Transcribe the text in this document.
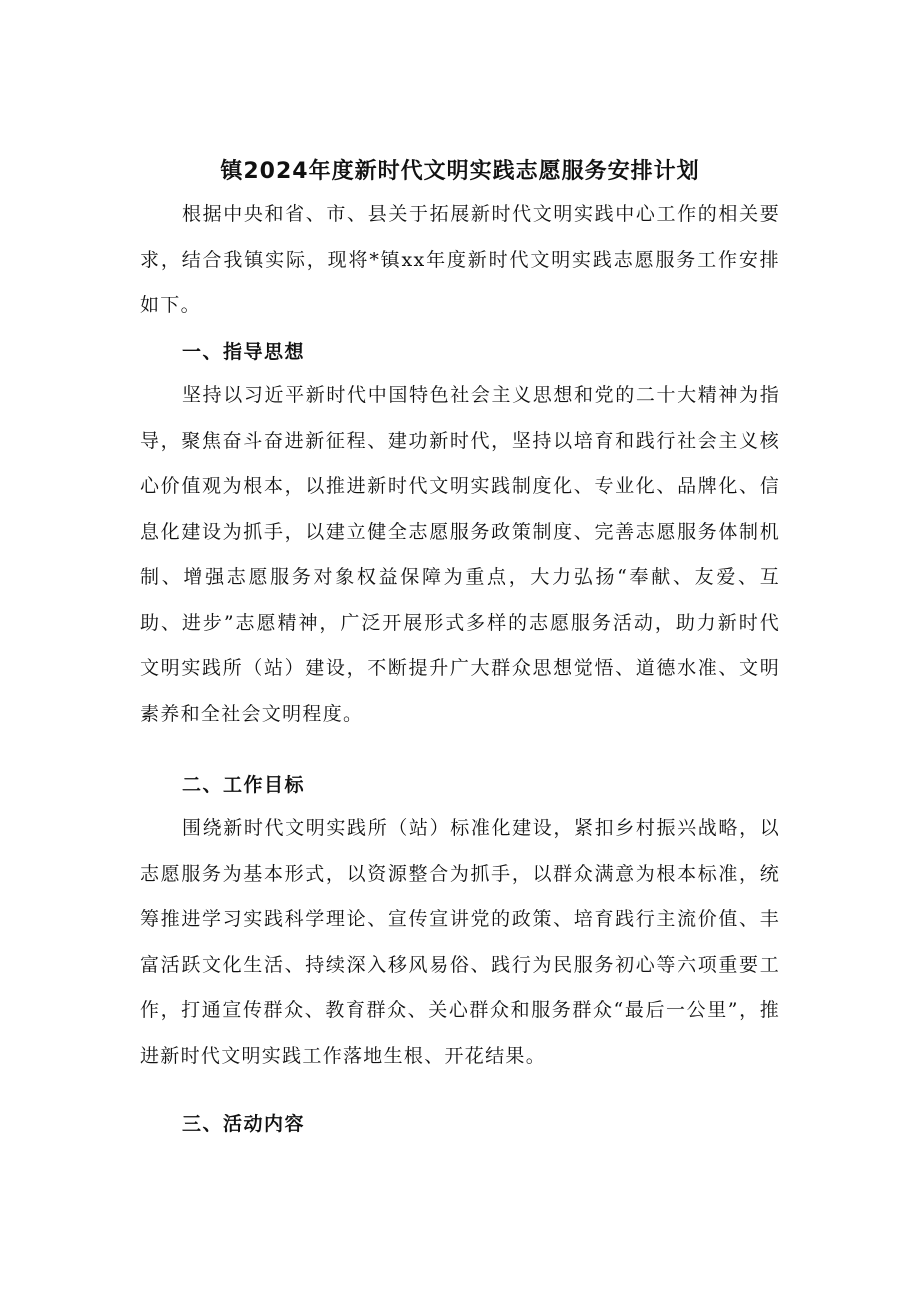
镇2024年度新时代文明实践志愿服务安排计划

根据中央和省、市、县关于拓展新时代文明实践中心工作的相关要求，结合我镇实际，现将*镇xx年度新时代文明实践志愿服务工作安排如下。

一、指导思想

坚持以习近平新时代中国特色社会主义思想和党的二十大精神为指导，聚焦奋斗奋进新征程、建功新时代，坚持以培育和践行社会主义核心价值观为根本，以推进新时代文明实践制度化、专业化、品牌化、信息化建设为抓手，以建立健全志愿服务政策制度、完善志愿服务体制机制、增强志愿服务对象权益保障为重点，大力弘扬“奉献、友爱、互助、进步”志愿精神，广泛开展形式多样的志愿服务活动，助力新时代文明实践所（站）建设，不断提升广大群众思想觉悟、道德水准、文明素养和全社会文明程度。

二、工作目标

围绕新时代文明实践所（站）标准化建设，紧扣乡村振兴战略，以志愿服务为基本形式，以资源整合为抓手，以群众满意为根本标准，统筹推进学习实践科学理论、宣传宣讲党的政策、培育践行主流价值、丰富活跃文化生活、持续深入移风易俗、践行为民服务初心等六项重要工作，打通宣传群众、教育群众、关心群众和服务群众“最后一公里”，推进新时代文明实践工作落地生根、开花结果。

三、活动内容
